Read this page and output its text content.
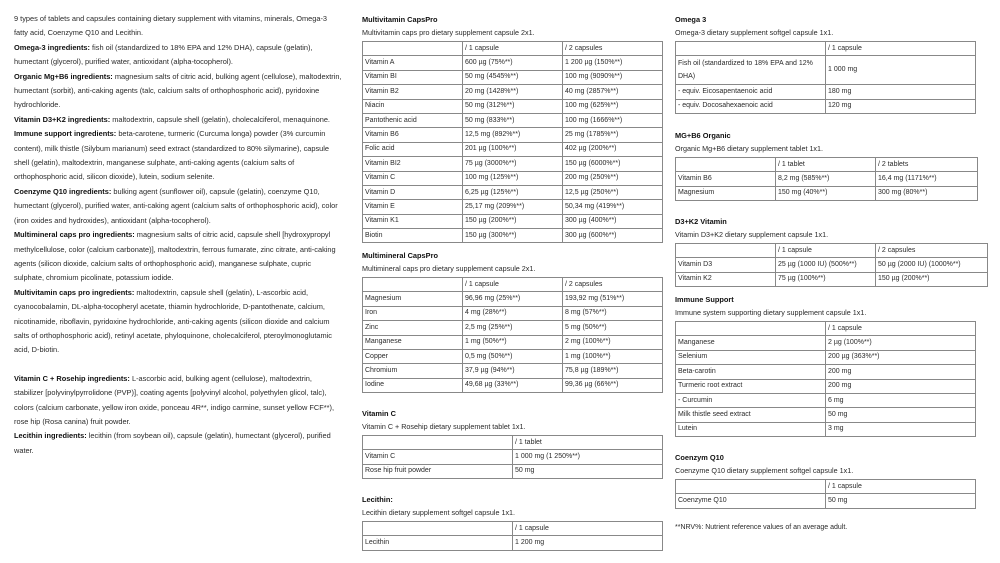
9 types of tablets and capsules containing dietary supplement with vitamins, minerals, Omega-3 fatty acid, Coenzyme Q10 and Lecithin.

Omega-3 ingredients: fish oil (standardized to 18% EPA and 12% DHA), capsule (gelatin), humectant (glycerol), purified water, antioxidant (alpha-tocopherol).

Organic Mg+B6 ingredients: magnesium salts of citric acid, bulking agent (cellulose), maltodextrin, humectant (sorbit), anti-caking agents (talc, calcium salts of orthophosphoric acid), pyridoxine hydrochloride.

Vitamin D3+K2 ingredients: maltodextrin, capsule shell (gelatin), cholecalciferol, menaquinone.

Immune support ingredients: beta-carotene, turmeric (Curcuma longa) powder (3% curcumin content), milk thistle (Silybum marianum) seed extract (standardized to 80% silymarine), capsule shell (gelatin), maltodextrin, manganese sulphate, anti-caking agents (calcium salts of orthophosphoric acid, silicon dioxide), lutein, sodium selenite.

Coenzyme Q10 ingredients: bulking agent (sunflower oil), capsule (gelatin), coenzyme Q10, humectant (glycerol), purified water, anti-caking agent (calcium salts of orthophosphoric acid), color (iron oxides and hydroxides), antioxidant (alpha-tocopherol).

Multimineral caps pro ingredients: magnesium salts of citric acid, capsule shell [hydroxypropyl methylcellulose, color (calcium carbonate)], maltodextrin, ferrous fumarate, zinc citrate, anti-caking agents (silicon dioxide, calcium salts of orthophosphoric acid), manganese sulphate, cupric sulphate, chromium picolinate, potassium iodide.

Multivitamin caps pro ingredients: maltodextrin, capsule shell (gelatin), L-ascorbic acid, cyanocobalamin, DL-alpha-tocopheryl acetate, thiamin hydrochloride, D-pantothenate, calcium, nicotinamide, riboflavin, pyridoxine hydrochloride, anti-caking agents (silicon dioxide and calcium salts of orthophosphoric acid), retinyl acetate, phyloquinone, cholecalciferol, pteroylmonoglutamic acid, D-biotin.

Vitamin C + Rosehip ingredients: L-ascorbic acid, bulking agent (cellulose), maltodextrin, stabilizer [polyvinylpyrrolidone (PVP)], coating agents [polyvinyl alcohol, polyethylen glicol, talc), colors (calcium carbonate, yellow iron oxide, ponceau 4R**, indigo carmine, sunset yellow FCF**), rose hip (Rosa canina) fruit powder.

Lecithin ingredients: lecithin (from soybean oil), capsule (gelatin), humectant (glycerol), purified water.

Multivitamin CapsPro
Multivitamin caps pro dietary supplement capsule 2x1.
	/ 1 capsule	/ 2 capsules
Vitamin A	600 µg (75%**)	1 200 µg (150%**)
Vitamin BI	50 mg (4545%**)	100 mg (9090%**)
Vitamin B2	20 mg (1428%**)	40 mg (2857%**)
Niacin	50 mg (312%**)	100 mg (625%**)
Pantothenic acid	50 mg (833%**)	100 mg (1666%**)
Vitamin B6	12,5 mg (892%**)	25 mg (1785%**)
Folic acid	201 µg (100%**)	402 µg (200%**)
Vitamin BI2	75 µg (3000%**)	150 µg (6000%**)
Vitamin C	100 mg (125%**)	200 mg (250%**)
Vitamin D	6,25 µg (125%**)	12,5 µg (250%**)
Vitamin E	25,17 mg (209%**)	50,34 mg (419%**)
Vitamin K1	150 µg (200%**)	300 µg (400%**)
Biotin	150 µg (300%**)	300 µg (600%**)
Multimineral CapsPro
Multimineral caps pro dietary supplement capsule 2x1.
	/ 1 capsule	/ 2 capsules
Magnesium	96,96 mg (25%**)	193,92 mg (51%**)
Iron	4 mg (28%**)	8 mg (57%**)
Zinc	2,5 mg (25%**)	5 mg (50%**)
Manganese	1 mg (50%**)	2 mg (100%**)
Copper	0,5 mg (50%**)	1 mg (100%**)
Chromium	37,9 µg (94%**)	75,8 µg (189%**)
Iodine	49,68 µg (33%**)	99,36 µg (66%**)
Vitamin C
Vitamin C + Rosehip dietary supplement tablet 1x1.
	/ 1 tablet
Vitamin C	1 000 mg (1 250%**)
Rose hip fruit powder	50 mg
Lecithin:
Lecithin dietary supplement softgel capsule 1x1.
	/ 1 capsule
Lecithin	1 200 mg
Omega 3
Omega-3 dietary supplement softgel capsule 1x1.
	/ 1 capsule
Fish oil (standardized to 18% EPA and 12% DHA)	1 000 mg
- equiv. Eicosapentaenoic acid	180 mg
- equiv. Docosahexaenoic acid	120 mg
MG+B6 Organic
Organic Mg+B6 dietary supplement tablet 1x1.
	/ 1 tablet	/ 2 tablets
Vitamin B6	8,2 mg (585%**)	16,4 mg (1171%**)
Magnesium	150 mg (40%**)	300 mg (80%**)
D3+K2 Vitamin
Vitamin D3+K2 dietary supplement capsule 1x1.
	/ 1 capsule	/ 2 capsules
Vitamin D3	25 µg (1000 IU) (500%**)	50 µg (2000 IU) (1000%**)
Vitamin K2	75 µg (100%**)	150 µg (200%**)
Immune Support
Immune system supporting dietary supplement capsule 1x1.
	/ 1 capsule
Manganese	2 µg (100%**)
Selenium	200 µg (363%**)
Beta-carotin	200 mg
Turmeric root extract	200 mg
- Curcumin	6 mg
Milk thistle seed extract	50 mg
Lutein	3 mg
Coenzym Q10
Coenzyme Q10 dietary supplement softgel capsule 1x1.
	/ 1 capsule
Coenzyme Q10	50 mg
**NRV%: Nutrient reference values of an average adult.
